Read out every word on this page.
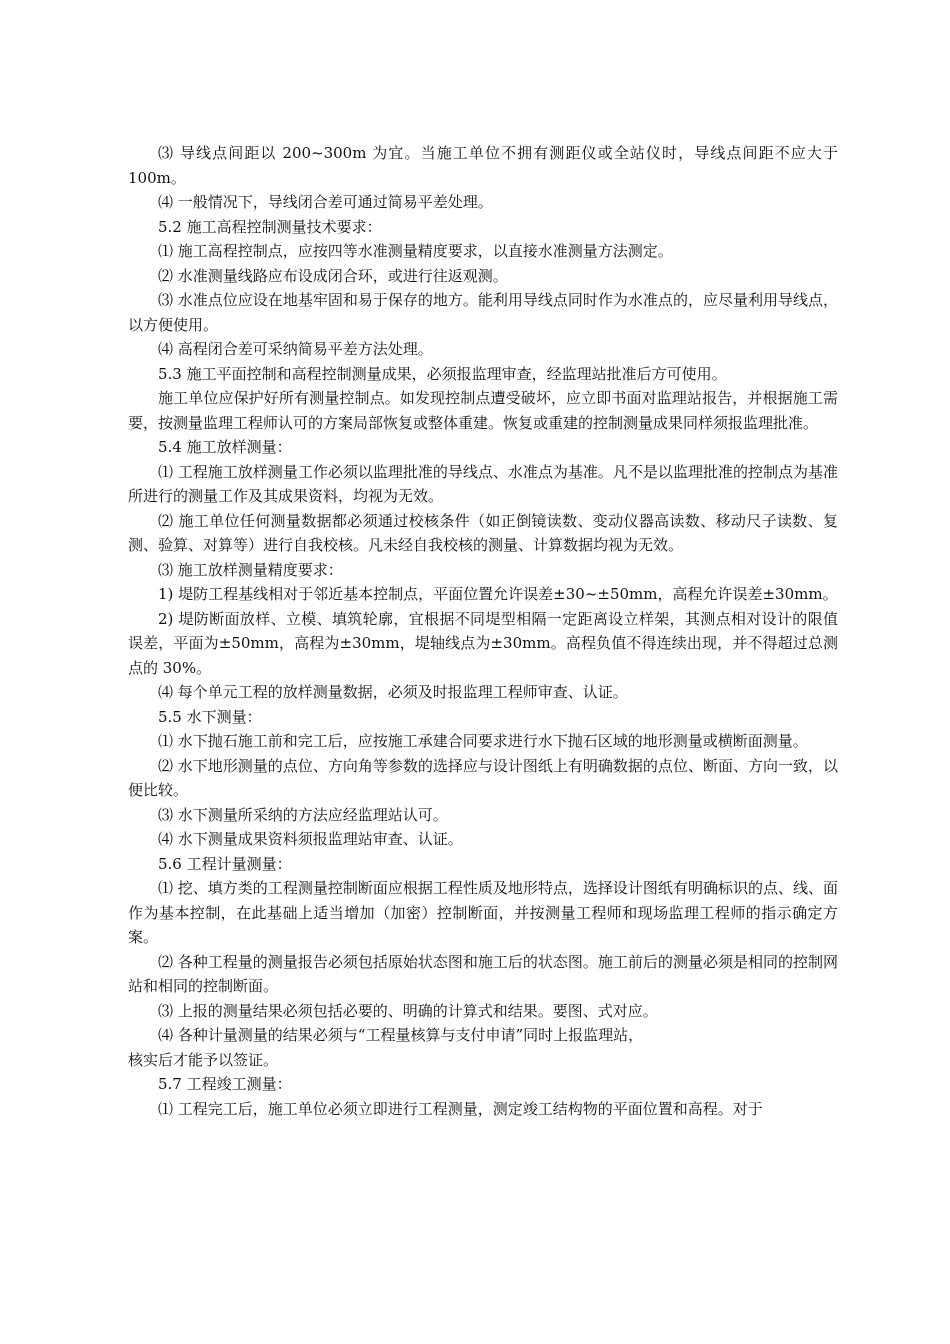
⑶ 导线点间距以 200~300m 为宜。当施工单位不拥有测距仪或全站仪时，导线点间距不应大于 100m。

⑷ 一般情况下，导线闭合差可通过简易平差处理。

5.2 施工高程控制测量技术要求：

⑴ 施工高程控制点，应按四等水准测量精度要求，以直接水准测量方法测定。

⑵ 水准测量线路应布设成闭合环，或进行往返观测。

⑶ 水准点位应设在地基牢固和易于保存的地方。能利用导线点同时作为水准点的，应尽量利用导线点，以方便使用。

⑷ 高程闭合差可采纳简易平差方法处理。

5.3 施工平面控制和高程控制测量成果，必须报监理审查，经监理站批准后方可使用。

施工单位应保护好所有测量控制点。如发现控制点遭受破坏，应立即书面对监理站报告，并根据施工需要，按测量监理工程师认可的方案局部恢复或整体重建。恢复或重建的控制测量成果同样须报监理批准。

5.4 施工放样测量：

⑴ 工程施工放样测量工作必须以监理批准的导线点、水准点为基准。凡不是以监理批准的控制点为基准所进行的测量工作及其成果资料，均视为无效。

⑵ 施工单位任何测量数据都必须通过校核条件（如正倒镜读数、变动仪器高读数、移动尺子读数、复测、验算、对算等）进行自我校核。凡未经自我校核的测量、计算数据均视为无效。

⑶ 施工放样测量精度要求：

1) 堤防工程基线相对于邻近基本控制点，平面位置允许误差±30~±50mm，高程允许误差±30mm。

2) 堤防断面放样、立模、填筑轮廓，宜根据不同堤型相隔一定距离设立样架，其测点相对设计的限值误差，平面为±50mm，高程为±30mm，堤轴线点为±30mm。高程负值不得连续出现，并不得超过总测点的 30%。

⑷ 每个单元工程的放样测量数据，必须及时报监理工程师审查、认证。

5.5 水下测量：

⑴ 水下抛石施工前和完工后，应按施工承建合同要求进行水下抛石区域的地形测量或横断面测量。

⑵ 水下地形测量的点位、方向角等参数的选择应与设计图纸上有明确数据的点位、断面、方向一致，以便比较。

⑶ 水下测量所采纳的方法应经监理站认可。

⑷ 水下测量成果资料须报监理站审查、认证。

5.6 工程计量测量：

⑴ 挖、填方类的工程测量控制断面应根据工程性质及地形特点，选择设计图纸有明确标识的点、线、面作为基本控制，在此基础上适当增加（加密）控制断面，并按测量工程师和现场监理工程师的指示确定方案。

⑵ 各种工程量的测量报告必须包括原始状态图和施工后的状态图。施工前后的测量必须是相同的控制网站和相同的控制断面。

⑶ 上报的测量结果必须包括必要的、明确的计算式和结果。要图、式对应。

⑷ 各种计量测量的结果必须与“工程量核算与支付申请”同时上报监理站，
核实后才能予以签证。

5.7 工程竣工测量：

⑴ 工程完工后，施工单位必须立即进行工程测量，测定竣工结构物的平面位置和高程。对于
